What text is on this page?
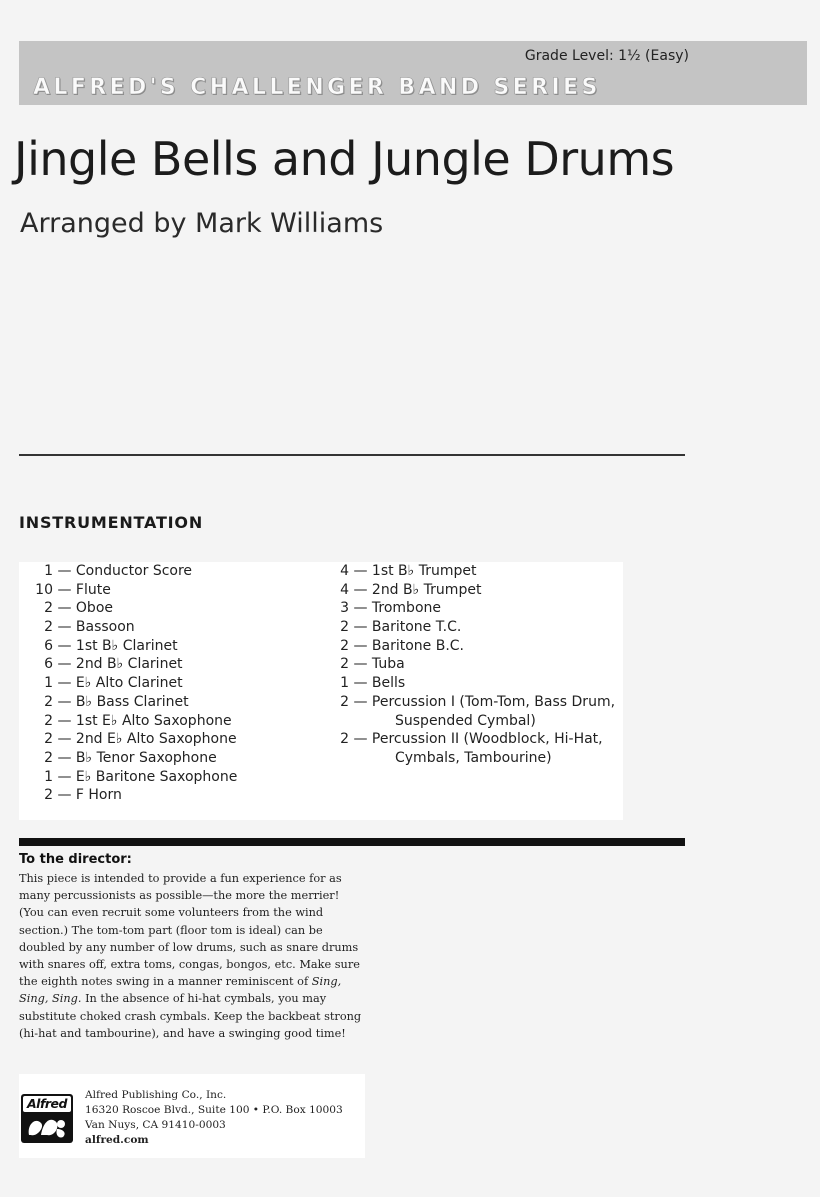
Grade Level: 1½ (Easy)
ALFRED'S CHALLENGER BAND SERIES
Jingle Bells and Jungle Drums
Arranged by Mark Williams
INSTRUMENTATION
1 — Conductor Score
10 — Flute
2 — Oboe
2 — Bassoon
6 — 1st B♭ Clarinet
6 — 2nd B♭ Clarinet
1 — E♭ Alto Clarinet
2 — B♭ Bass Clarinet
2 — 1st E♭ Alto Saxophone
2 — 2nd E♭ Alto Saxophone
2 — B♭ Tenor Saxophone
1 — E♭ Baritone Saxophone
2 — F Horn
4 — 1st B♭ Trumpet
4 — 2nd B♭ Trumpet
3 — Trombone
2 — Baritone T.C.
2 — Baritone B.C.
2 — Tuba
1 — Bells
2 — Percussion I (Tom-Tom, Bass Drum,
Suspended Cymbal)
2 — Percussion II (Woodblock, Hi-Hat,
Cymbals, Tambourine)
To the director:

This piece is intended to provide a fun experience for as many percussionists as possible—the more the merrier! (You can even recruit some volunteers from the wind section.) The tom-tom part (floor tom is ideal) can be doubled by any number of low drums, such as snare drums with snares off, extra toms, congas, bongos, etc. Make sure the eighth notes swing in a manner reminiscent of Sing, Sing, Sing. In the absence of hi-hat cymbals, you may substitute choked crash cymbals. Keep the backbeat strong (hi-hat and tambourine), and have a swinging good time!

Alfred
Alfred Publishing Co., Inc.
16320 Roscoe Blvd., Suite 100 • P.O. Box 10003
Van Nuys, CA 91410-0003
alfred.com
